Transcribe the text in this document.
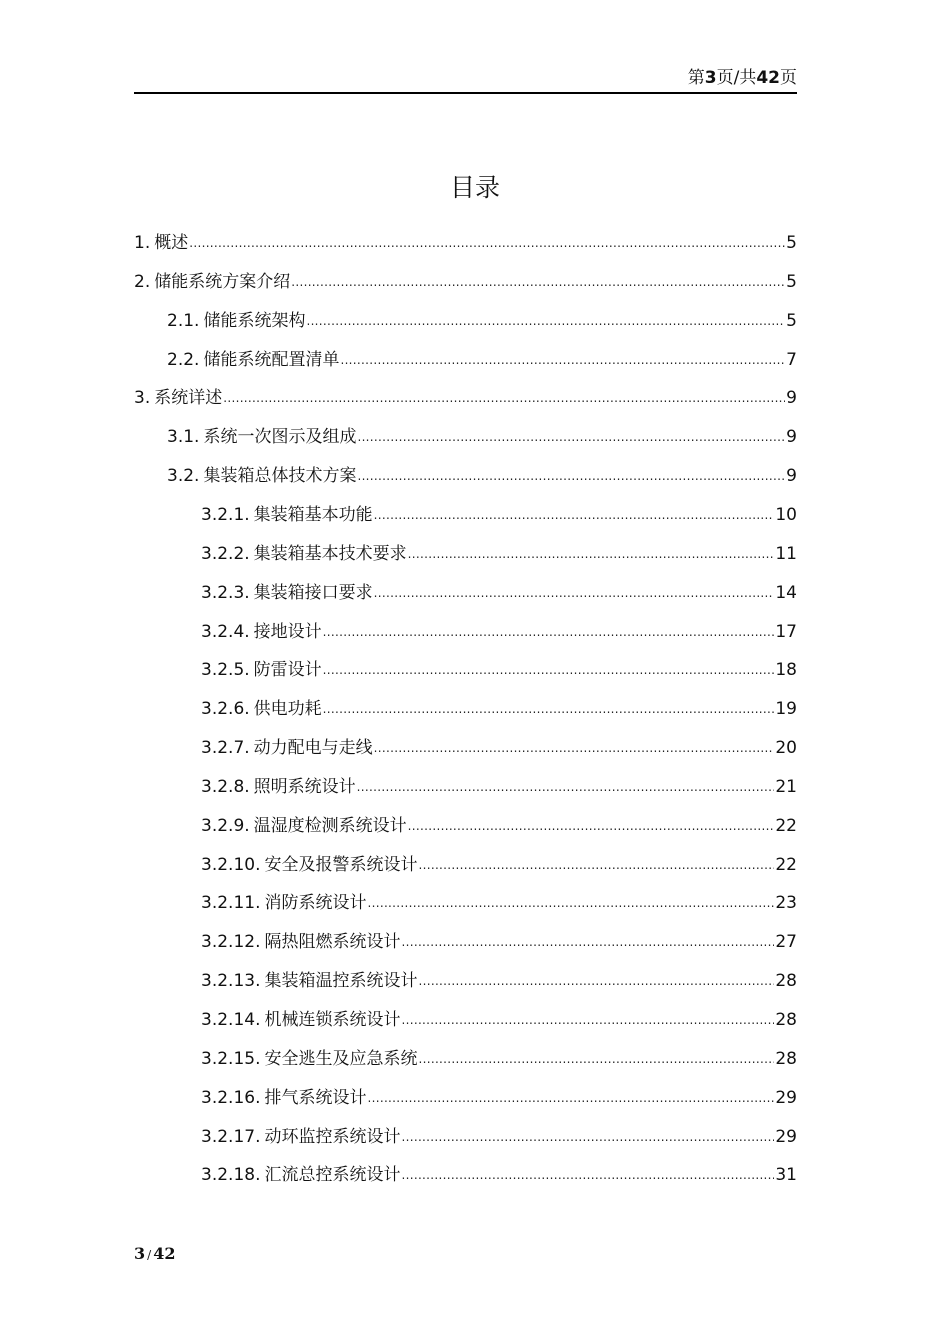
第3页/共42页
目录
1. 概述 .....	5
2. 储能系统方案介绍 .....	5
2.1. 储能系统架构 .....	5
2.2. 储能系统配置清单 .....	7
3. 系统详述 .....	9
3.1. 系统一次图示及组成 .....	9
3.2. 集装箱总体技术方案 .....	9
3.2.1. 集装箱基本功能 .....	10
3.2.2. 集装箱基本技术要求 .....	11
3.2.3. 集装箱接口要求 .....	14
3.2.4. 接地设计 .....	17
3.2.5. 防雷设计 .....	18
3.2.6. 供电功耗 .....	19
3.2.7. 动力配电与走线 .....	20
3.2.8. 照明系统设计 .....	21
3.2.9. 温湿度检测系统设计 .....	22
3.2.10. 安全及报警系统设计 .....	22
3.2.11. 消防系统设计 .....	23
3.2.12. 隔热阻燃系统设计 .....	27
3.2.13. 集装箱温控系统设计 .....	28
3.2.14. 机械连锁系统设计 .....	28
3.2.15. 安全逃生及应急系统 .....	28
3.2.16. 排气系统设计 .....	29
3.2.17. 动环监控系统设计 .....	29
3.2.18. 汇流总控系统设计 .....	31
3 / 42
